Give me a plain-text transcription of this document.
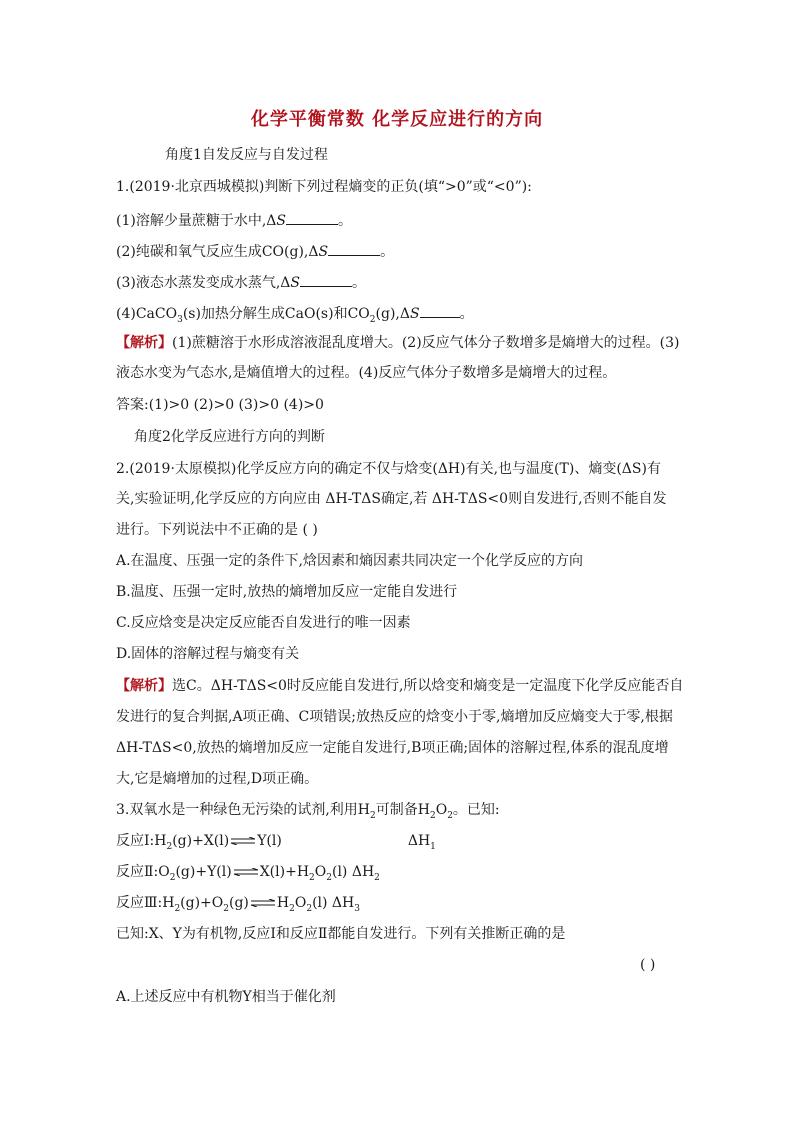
化学平衡常数 化学反应进行的方向
角度1自发反应与自发过程
1.(2019·北京西城模拟)判断下列过程熵变的正负(填“>0”或“<0”):
(1)溶解少量蔗糖于水中,ΔS	。
(2)纯碳和氧气反应生成CO(g),ΔS	。
(3)液态水蒸发变成水蒸气,ΔS	。
(4)CaCO$_3$(s)加热分解生成CaO(s)和$CO_2(g),\Delta S$	。
【解析】(1)蔗糖溶于水形成溶液混乱度增大。(2)反应气体分子数增多是熵增大的过程。(3)
液态水变为气态水,是熵值增大的过程。(4)反应气体分子数增多是熵增大的过程。
答案:(1)>0 (2)>0 (3)>0 (4)>0
角度2化学反应进行方向的判断
2.(2019·太原模拟)化学反应方向的确定不仅与焓变(ΔH)有关,也与温度(T)、熵变(ΔS)有
关,实验证明,化学反应的方向应由 ΔH-TΔS确定,若 ΔH-TΔS<0则自发进行,否则不能自发
进行。下列说法中不正确的是 ( )
A.在温度、压强一定的条件下,焓因素和熵因素共同决定一个化学反应的方向
B.温度、压强一定时,放热的熵增加反应一定能自发进行
C.反应焓变是决定反应能否自发进行的唯一因素
D.固体的溶解过程与熵变有关
【解析】选C。ΔH-TΔS<0时反应能自发进行,所以焓变和熵变是一定温度下化学反应能否自
发进行的复合判据,A项正确、C项错误;放热反应的焓变小于零,熵增加反应熵变大于零,根据
ΔH-TΔS<0,放热的熵增加反应一定能自发进行,B项正确;固体的溶解过程,体系的混乱度增
大,它是熵增加的过程,D项正确。
3.双氧水是一种绿色无污染的试剂,利用$H_2$可制备$H_2O_2$。已知:
反应$Ⅰ:H_2(g)+X(l)\rightleftharpoons Y(l)$	$\Delta H_1$
反应$Ⅱ:O_2(g)+Y(l)\rightleftharpoons X(l)+H_2O_2(l)$ $\Delta H_2$
反应$Ⅲ:H_2(g)+O_2(g)\rightleftharpoons H_2O_2(l)$ $\Delta H_3$
已知:X、Y为有机物,反应Ⅰ和反应Ⅱ都能自发进行。下列有关推断正确的是
( )
A.上述反应中有机物Y相当于催化剂
